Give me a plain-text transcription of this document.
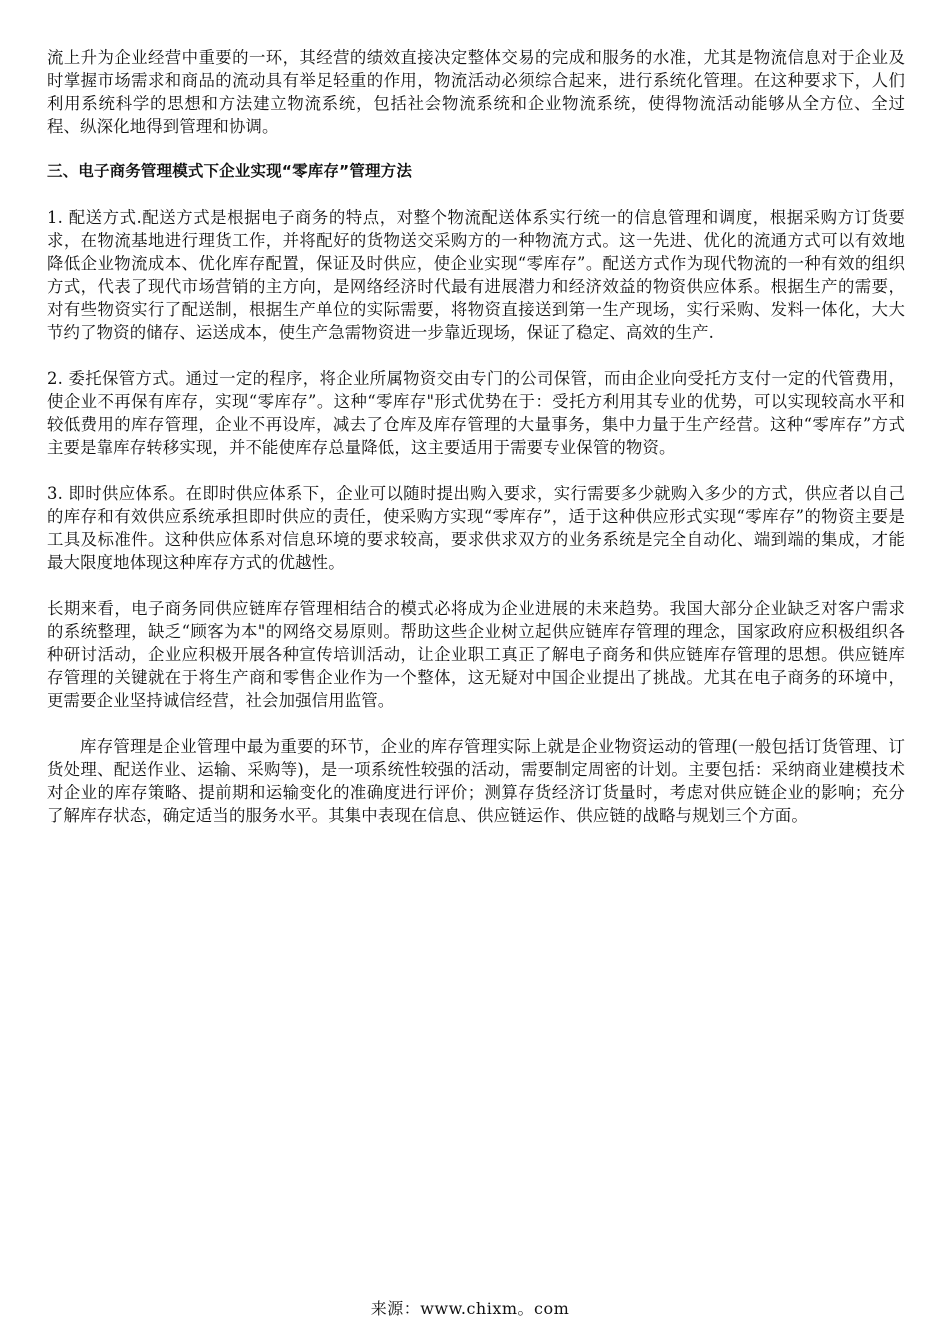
流上升为企业经营中重要的一环，其经营的绩效直接决定整体交易的完成和服务的水准，尤其是物流信息对于企业及时掌握市场需求和商品的流动具有举足轻重的作用，物流活动必须综合起来，进行系统化管理。在这种要求下，人们利用系统科学的思想和方法建立物流系统，包括社会物流系统和企业物流系统，使得物流活动能够从全方位、全过程、纵深化地得到管理和协调。

三、电子商务管理模式下企业实现“零库存”管理方法

1. 配送方式.配送方式是根据电子商务的特点，对整个物流配送体系实行统一的信息管理和调度，根据采购方订货要求，在物流基地进行理货工作，并将配好的货物送交采购方的一种物流方式。这一先进、优化的流通方式可以有效地降低企业物流成本、优化库存配置，保证及时供应，使企业实现“零库存”。配送方式作为现代物流的一种有效的组织方式，代表了现代市场营销的主方向，是网络经济时代最有进展潜力和经济效益的物资供应体系。根据生产的需要，对有些物资实行了配送制，根据生产单位的实际需要，将物资直接送到第一生产现场，实行采购、发料一体化，大大节约了物资的储存、运送成本，使生产急需物资进一步靠近现场，保证了稳定、高效的生产.

2. 委托保管方式。通过一定的程序，将企业所属物资交由专门的公司保管，而由企业向受托方支付一定的代管费用，使企业不再保有库存，实现“零库存”。这种“零库存"形式优势在于：受托方利用其专业的优势，可以实现较高水平和较低费用的库存管理，企业不再设库，减去了仓库及库存管理的大量事务，集中力量于生产经营。这种“零库存”方式主要是靠库存转移实现，并不能使库存总量降低，这主要适用于需要专业保管的物资。

3. 即时供应体系。在即时供应体系下，企业可以随时提出购入要求，实行需要多少就购入多少的方式，供应者以自己的库存和有效供应系统承担即时供应的责任，使采购方实现“零库存”，适于这种供应形式实现“零库存”的物资主要是工具及标准件。这种供应体系对信息环境的要求较高，要求供求双方的业务系统是完全自动化、端到端的集成，才能最大限度地体现这种库存方式的优越性。

长期来看，电子商务同供应链库存管理相结合的模式必将成为企业进展的未来趋势。我国大部分企业缺乏对客户需求的系统整理，缺乏“顾客为本"的网络交易原则。帮助这些企业树立起供应链库存管理的理念，国家政府应积极组织各种研讨活动，企业应积极开展各种宣传培训活动，让企业职工真正了解电子商务和供应链库存管理的思想。供应链库存管理的关键就在于将生产商和零售企业作为一个整体，这无疑对中国企业提出了挑战。尤其在电子商务的环境中，更需要企业坚持诚信经营，社会加强信用监管。

库存管理是企业管理中最为重要的环节，企业的库存管理实际上就是企业物资运动的管理(一般包括订货管理、订货处理、配送作业、运输、采购等)，是一项系统性较强的活动，需要制定周密的计划。主要包括：采纳商业建模技术对企业的库存策略、提前期和运输变化的准确度进行评价；测算存货经济订货量时，考虑对供应链企业的影响；充分了解库存状态，确定适当的服务水平。其集中表现在信息、供应链运作、供应链的战略与规划三个方面。

来源：www.chixm。com
